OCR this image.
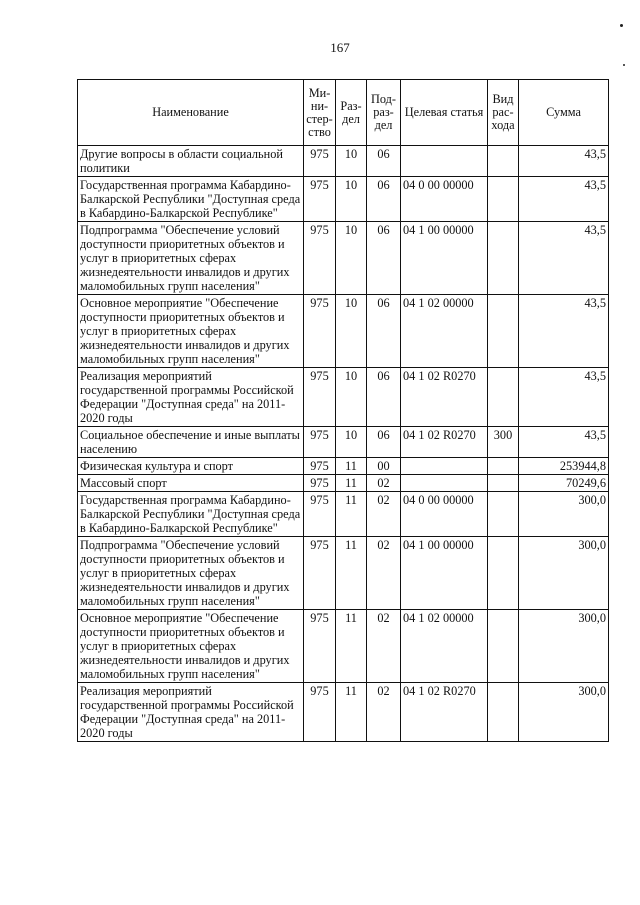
167
Наименование	Ми-ни-стер-ство	Раз-дел	Под-раз-дел	Целевая статья	Вид рас-хода	Сумма
Другие вопросы в области социальной политики	975	10	06			43,5
Государственная программа Кабардино-Балкарской Республики "Доступная среда в Кабардино-Балкарской Республике"	975	10	06	04 0 00 00000		43,5
Подпрограмма "Обеспечение условий доступности приоритетных объектов и услуг в приоритетных сферах жизнедеятельности инвалидов и других маломобильных групп населения"	975	10	06	04 1 00 00000		43,5
Основное мероприятие "Обеспечение доступности приоритетных объектов и услуг в приоритетных сферах жизнедеятельности инвалидов и других маломобильных групп населения"	975	10	06	04 1 02 00000		43,5
Реализация мероприятий государственной программы Российской Федерации "Доступная среда" на 2011-2020 годы	975	10	06	04 1 02 R0270		43,5
Социальное обеспечение и иные выплаты населению	975	10	06	04 1 02 R0270	300	43,5
Физическая культура и спорт	975	11	00			253944,8
Массовый спорт	975	11	02			70249,6
Государственная программа Кабардино-Балкарской Республики "Доступная среда в Кабардино-Балкарской Республике"	975	11	02	04 0 00 00000		300,0
Подпрограмма "Обеспечение условий доступности приоритетных объектов и услуг в приоритетных сферах жизнедеятельности инвалидов и других маломобильных групп населения"	975	11	02	04 1 00 00000		300,0
Основное мероприятие "Обеспечение доступности приоритетных объектов и услуг в приоритетных сферах жизнедеятельности инвалидов и других маломобильных групп населения"	975	11	02	04 1 02 00000		300,0
Реализация мероприятий государственной программы Российской Федерации "Доступная среда" на 2011-2020 годы	975	11	02	04 1 02 R0270		300,0
